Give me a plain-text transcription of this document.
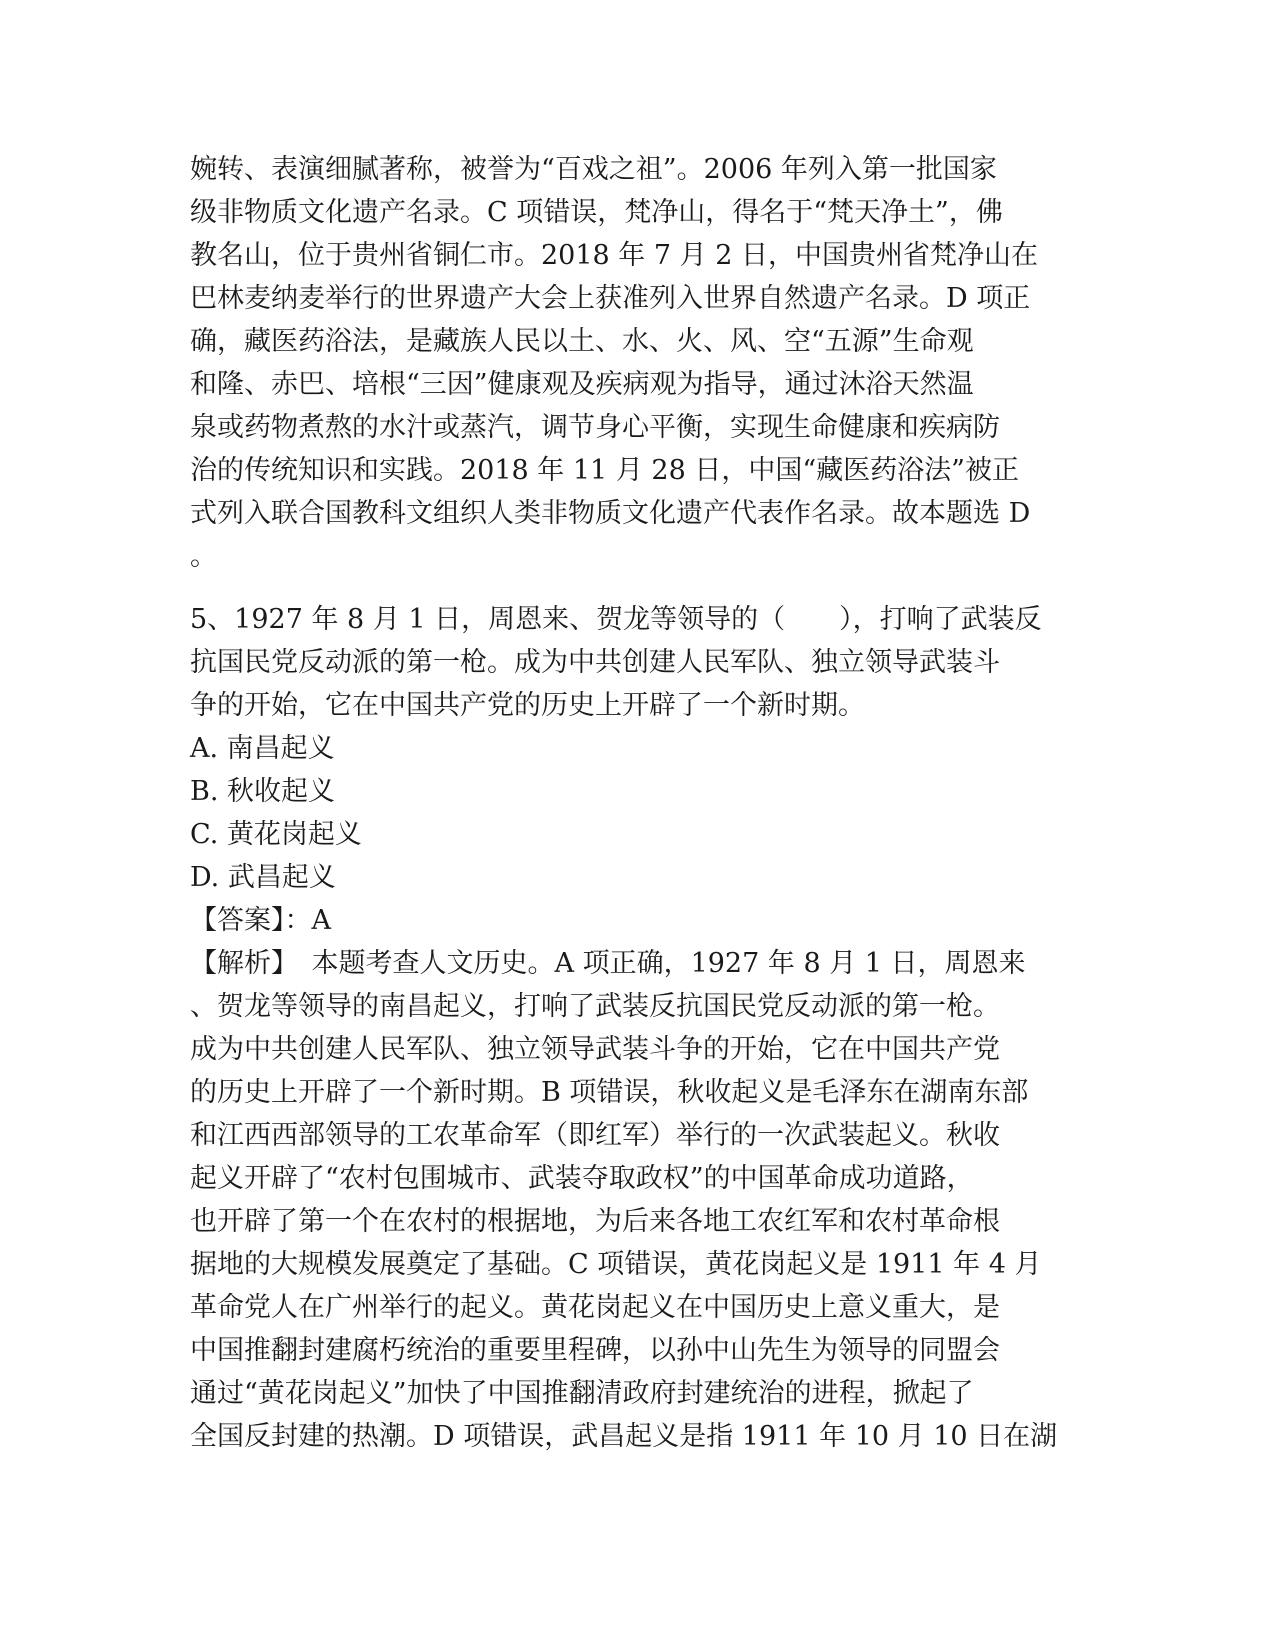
婉转、表演细腻著称，被誉为“百戏之祖”。2006 年列入第一批国家
级非物质文化遗产名录。C 项错误，梵净山，得名于“梵天净土”，佛
教名山，位于贵州省铜仁市。2018 年 7 月 2 日，中国贵州省梵净山在
巴林麦纳麦举行的世界遗产大会上获准列入世界自然遗产名录。D 项正
确，藏医药浴法，是藏族人民以土、水、火、风、空“五源”生命观
和隆、赤巴、培根“三因”健康观及疾病观为指导，通过沐浴天然温
泉或药物煮熬的水汁或蒸汽，调节身心平衡，实现生命健康和疾病防
治的传统知识和实践。2018 年 11 月 28 日，中国“藏医药浴法”被正
式列入联合国教科文组织人类非物质文化遗产代表作名录。故本题选 D
。
5、1927 年 8 月 1 日，周恩来、贺龙等领导的（　　），打响了武装反
抗国民党反动派的第一枪。成为中共创建人民军队、独立领导武装斗
争的开始，它在中国共产党的历史上开辟了一个新时期。
A. 南昌起义
B. 秋收起义
C. 黄花岗起义
D. 武昌起义
【答案】：A
【解析】　本题考查人文历史。A 项正确，1927 年 8 月 1 日，周恩来
、贺龙等领导的南昌起义，打响了武装反抗国民党反动派的第一枪。
成为中共创建人民军队、独立领导武装斗争的开始，它在中国共产党
的历史上开辟了一个新时期。B 项错误，秋收起义是毛泽东在湖南东部
和江西西部领导的工农革命军（即红军）举行的一次武装起义。秋收
起义开辟了“农村包围城市、武装夺取政权”的中国革命成功道路，
也开辟了第一个在农村的根据地，为后来各地工农红军和农村革命根
据地的大规模发展奠定了基础。C 项错误，黄花岗起义是 1911 年 4 月
革命党人在广州举行的起义。黄花岗起义在中国历史上意义重大，是
中国推翻封建腐朽统治的重要里程碑，以孙中山先生为领导的同盟会
通过“黄花岗起义”加快了中国推翻清政府封建统治的进程，掀起了
全国反封建的热潮。D 项错误，武昌起义是指 1911 年 10 月 10 日在湖
